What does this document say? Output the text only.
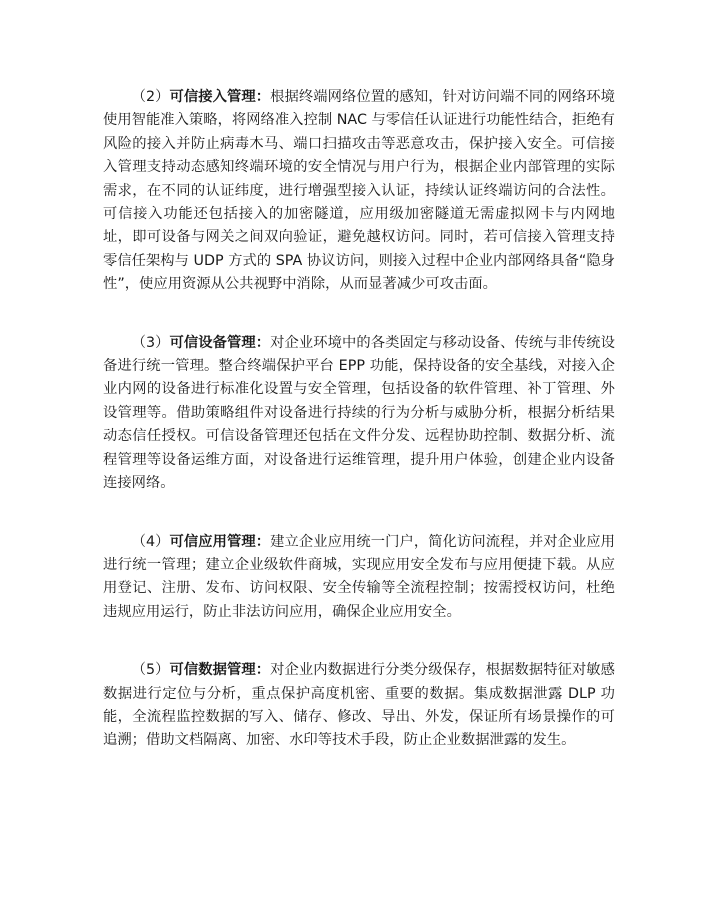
（2）可信接入管理：根据终端网络位置的感知，针对访问端不同的网络环境使用智能准入策略，将网络准入控制 NAC 与零信任认证进行功能性结合，拒绝有风险的接入并防止病毒木马、端口扫描攻击等恶意攻击，保护接入安全。可信接入管理支持动态感知终端环境的安全情况与用户行为，根据企业内部管理的实际需求，在不同的认证纬度，进行增强型接入认证，持续认证终端访问的合法性。可信接入功能还包括接入的加密隧道，应用级加密隧道无需虚拟网卡与内网地址，即可设备与网关之间双向验证，避免越权访问。同时，若可信接入管理支持零信任架构与 UDP 方式的 SPA 协议访问，则接入过程中企业内部网络具备“隐身性”，使应用资源从公共视野中消除，从而显著减少可攻击面。

（3）可信设备管理：对企业环境中的各类固定与移动设备、传统与非传统设备进行统一管理。整合终端保护平台 EPP 功能，保持设备的安全基线，对接入企业内网的设备进行标准化设置与安全管理，包括设备的软件管理、补丁管理、外设管理等。借助策略组件对设备进行持续的行为分析与威胁分析，根据分析结果动态信任授权。可信设备管理还包括在文件分发、远程协助控制、数据分析、流程管理等设备运维方面，对设备进行运维管理，提升用户体验，创建企业内设备连接网络。

（4）可信应用管理：建立企业应用统一门户，简化访问流程，并对企业应用进行统一管理；建立企业级软件商城，实现应用安全发布与应用便捷下载。从应用登记、注册、发布、访问权限、安全传输等全流程控制；按需授权访问，杜绝违规应用运行，防止非法访问应用，确保企业应用安全。

（5）可信数据管理：对企业内数据进行分类分级保存，根据数据特征对敏感数据进行定位与分析，重点保护高度机密、重要的数据。集成数据泄露 DLP 功能，全流程监控数据的写入、储存、修改、导出、外发，保证所有场景操作的可追溯；借助文档隔离、加密、水印等技术手段，防止企业数据泄露的发生。
